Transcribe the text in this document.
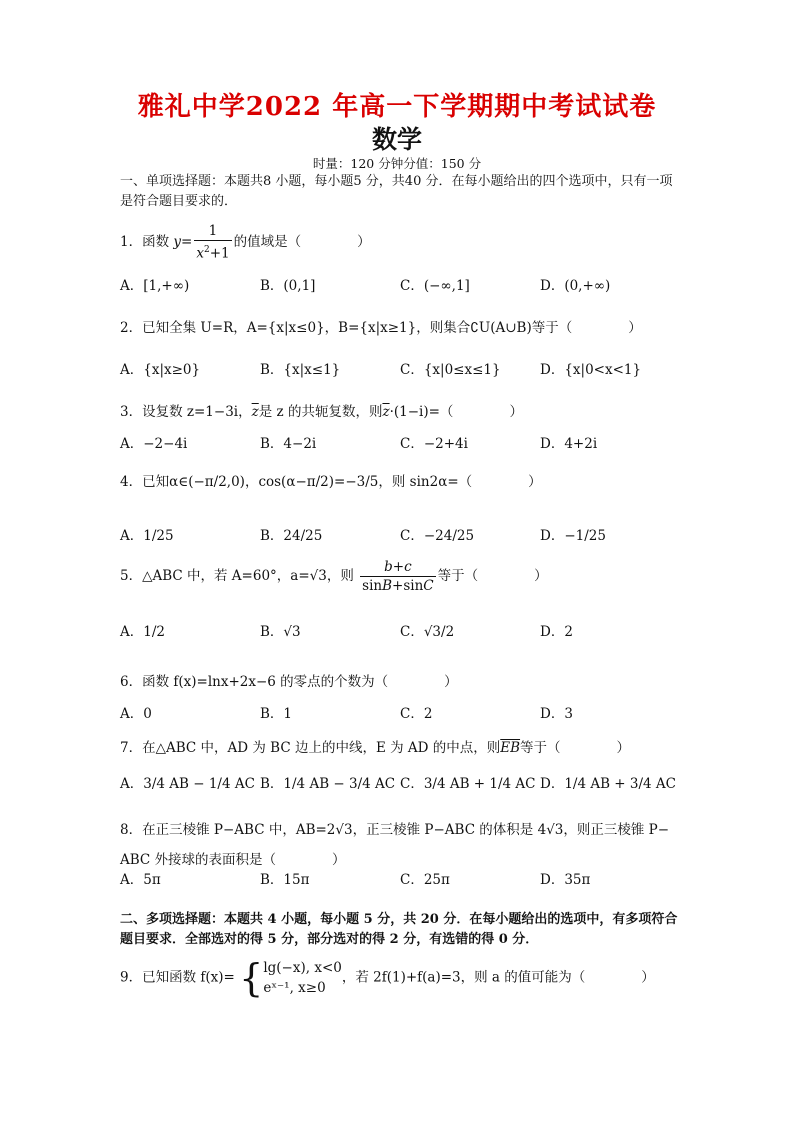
雅礼中学2022 年高一下学期期中考试试卷
数学
时量：120 分钟分值：150 分
一、单项选择题：本题共8 小题，每小题5 分，共40 分．在每小题给出的四个选项中，只有一项是符合题目要求的．
1．函数 $y= \frac{1}{x^2+1}$ 的值域是（	）
A．[1,+∞)	B．(0,1]	C．(−∞,1]	D．(0,+∞)
2．已知全集 U=R，A={x|x≤0}，B={x|x≥1}，则集合∁U(A∪B)等于（	）
A．{x|x≥0}	B．{x|x≤1}	C．{x|0≤x≤1}	D．{x|0<x<1}
3．设复数 z=1−3i，$\overline{z}$是 z 的共轭复数，则$\overline{z}\cdot(1-i)=$（	）
A．−2−4i	B．4−2i	C．−2+4i	D．4+2i
4．已知α∈(−π/2,0)，cos(α−π/2)=−3/5，则 sin2α=（	）
A．1/25	B．24/25	C．−24/25	D．−1/25
5．△ABC 中，若 A=60°，a=√3，则 $\frac{b+c}{\sin B+\sin C}$ 等于（	）
A．1/2	B．√3	C．√3/2	D．2
6．函数 f(x)=lnx+2x−6 的零点的个数为（	）
A．0	B．1	C．2	D．3
7．在△ABC 中，AD 为 BC 边上的中线，E 为 AD 的中点，则$\overline{EB}$等于（	）
A．3/4 AB − 1/4 AC B．1/4 AB − 3/4 AC C．3/4 AB + 1/4 AC D．1/4 AB + 3/4 AC
8．在正三棱锥 P−ABC 中，AB=2√3，正三棱锥 P−ABC 的体积是 4√3，则正三棱锥 P−
ABC 外接球的表面积是（	）
A．5π	B．15π	C．25π	D．35π
二、多项选择题：本题共 4 小题，每小题 5 分，共 20 分．在每小题给出的选项中，有多项符合题目要求．全部选对的得 5 分，部分选对的得 2 分，有选错的得 0 分．
9．已知函数 f(x)= { lg(−x), x<0
eˣ⁻¹, x≥0
，若 2f(1)+f(a)=3，则 a 的值可能为（	）
